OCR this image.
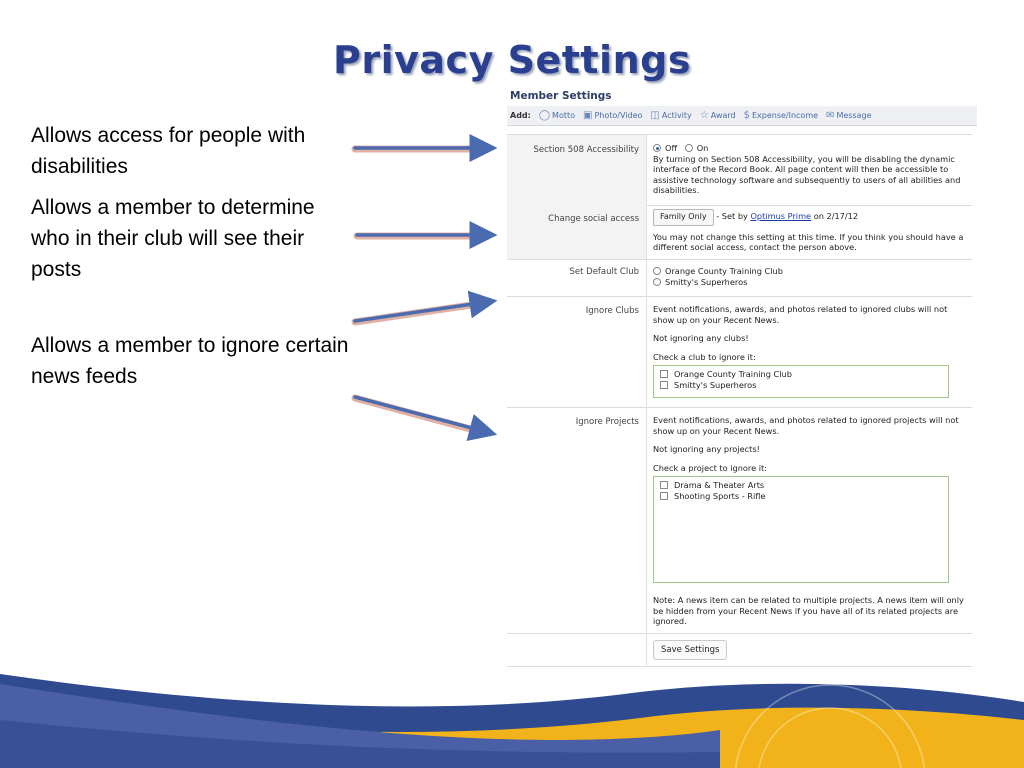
Privacy Settings

Allows access for people with disabilities

Allows a member to determine who in their club will see their posts

Allows a member to ignore certain news feeds

Member Settings
Add: ◯ Motto ▣ Photo/Video ◫ Activity ☆ Award $ Expense/Income ✉ Message
Section 508 Accessibility	Off On
By turning on Section 508 Accessibility, you will be disabling the dynamic interface of the Record Book. All page content will then be accessible to assistive technology software and subsequently to users of all abilities and disabilities.
Change social access	Family Only - Set by Optimus Prime on 2/17/12
You may not change this setting at this time. If you think you should have a different social access, contact the person above.
Set Default Club	Orange County Training Club
Smitty's Superheros
Ignore Clubs	Event notifications, awards, and photos related to ignored clubs will not show up on your Recent News.
Not ignoring any clubs!
Check a club to ignore it:
Orange County Training Club
Smitty's Superheros
Ignore Projects	Event notifications, awards, and photos related to ignored projects will not show up on your Recent News.
Not ignoring any projects!
Check a project to ignore it:
Drama & Theater Arts
Shooting Sports - Rifle
Note: A news item can be related to multiple projects. A news item will only be hidden from your Recent News if you have all of its related projects are ignored.
Save Settings
